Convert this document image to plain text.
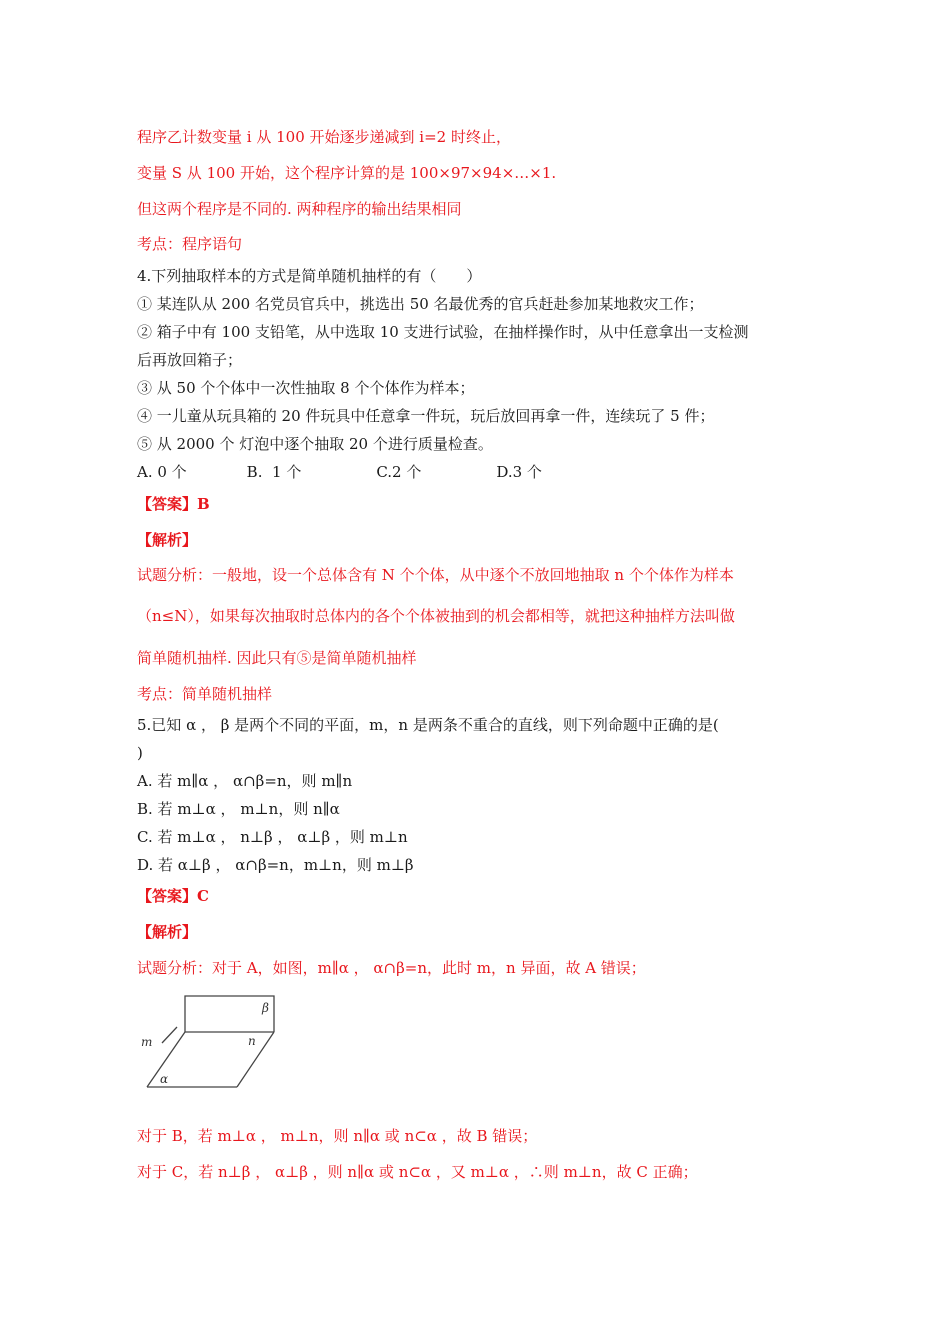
程序乙计数变量 i 从 100 开始逐步递减到 i=2 时终止，
变量 S 从 100 开始，这个程序计算的是 100×97×94×…×1.
但这两个程序是不同的. 两种程序的输出结果相同
考点：程序语句
4.下列抽取样本的方式是简单随机抽样的有（　　）
① 某连队从 200 名党员官兵中，挑选出 50 名最优秀的官兵赶赴参加某地救灾工作；
② 箱子中有 100 支铅笔，从中选取 10 支进行试验，在抽样操作时，从中任意拿出一支检测
后再放回箱子；
③ 从 50 个个体中一次性抽取 8 个个体作为样本；
④ 一儿童从玩具箱的 20 件玩具中任意拿一件玩，玩后放回再拿一件，连续玩了 5 件；
⑤ 从 2000 个 灯泡中逐个抽取 20 个进行质量检查。
A. 0 个　　　　B.  1 个　　　　　C.2 个　　　　　D.3 个
【答案】B
【解析】
试题分析：一般地，设一个总体含有 N 个个体，从中逐个不放回地抽取 n 个个体作为样本
（n≤N），如果每次抽取时总体内的各个个体被抽到的机会都相等，就把这种抽样方法叫做
简单随机抽样. 因此只有⑤是简单随机抽样
考点：简单随机抽样
5.已知 α ， β 是两个不同的平面，m，n 是两条不重合的直线，则下列命题中正确的是(
)
A. 若 m∥α ， α∩β=n，则 m∥n
B. 若 m⊥α ， m⊥n，则 n∥α
C. 若 m⊥α ， n⊥β ， α⊥β ，则 m⊥n
D. 若 α⊥β ， α∩β=n，m⊥n，则 m⊥β
【答案】C
【解析】
试题分析：对于 A，如图，m∥α ， α∩β=n，此时 m，n 异面，故 A 错误；
β
n
m
α
对于 B，若 m⊥α ， m⊥n，则 n∥α 或 n⊂α ，故 B 错误；
对于 C，若 n⊥β ， α⊥β ，则 n∥α 或 n⊂α ，又 m⊥α ，∴则 m⊥n，故 C 正确；
